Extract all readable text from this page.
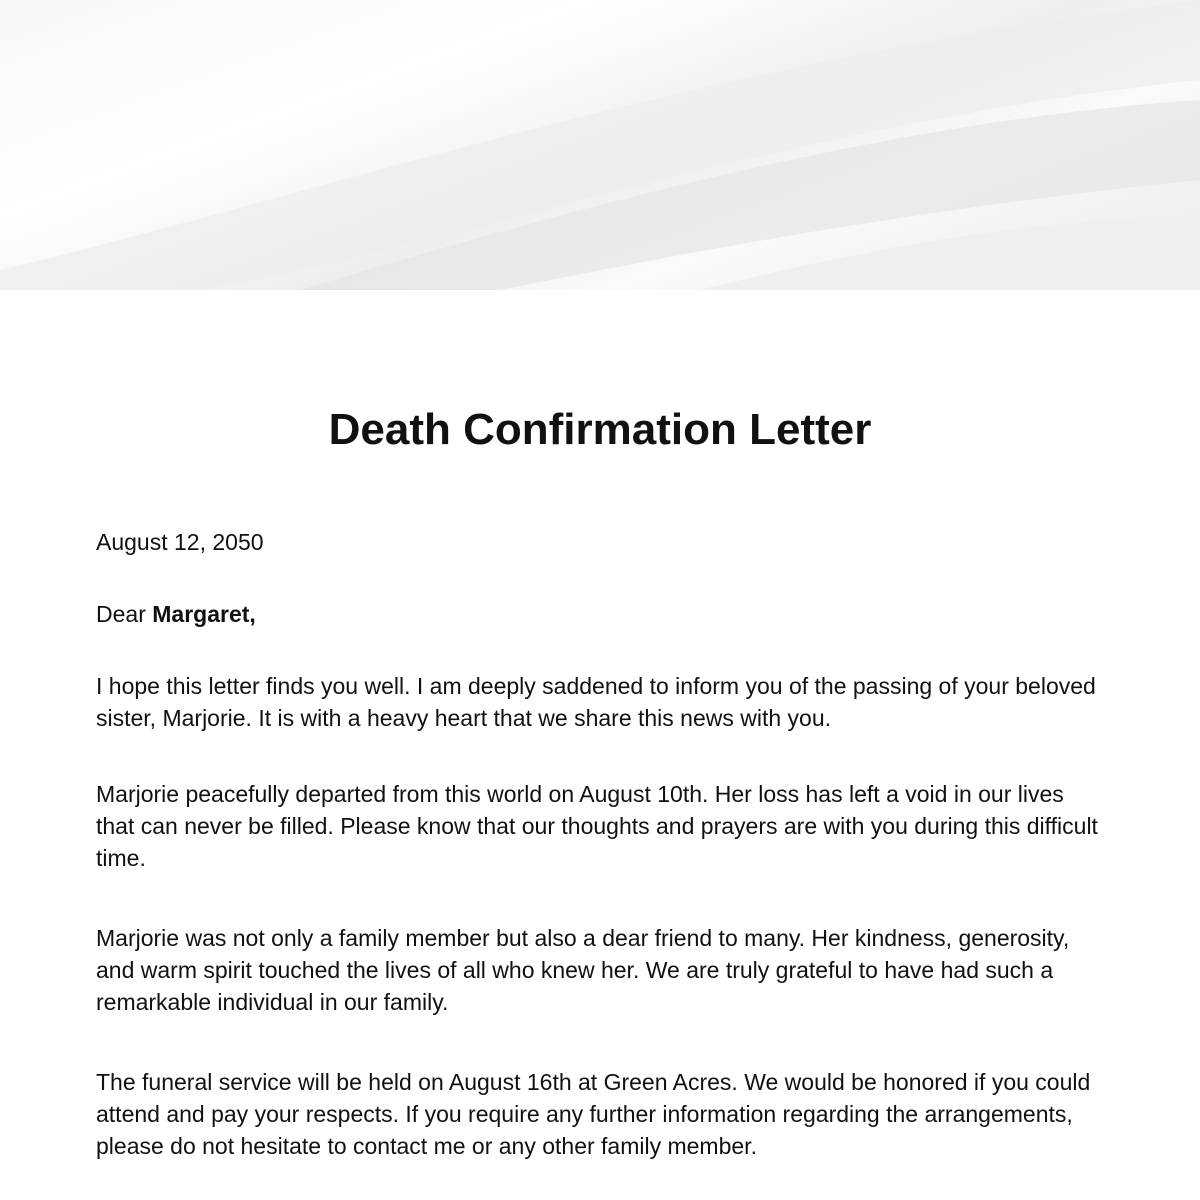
Death Confirmation Letter

August 12, 2050

Dear Margaret,

I hope this letter finds you well. I am deeply saddened to inform you of the passing of your beloved sister, Marjorie. It is with a heavy heart that we share this news with you.

Marjorie peacefully departed from this world on August 10th. Her loss has left a void in our lives that can never be filled. Please know that our thoughts and prayers are with you during this difficult time.

Marjorie was not only a family member but also a dear friend to many. Her kindness, generosity, and warm spirit touched the lives of all who knew her. We are truly grateful to have had such a remarkable individual in our family.

The funeral service will be held on August 16th at Green Acres. We would be honored if you could attend and pay your respects. If you require any further information regarding the arrangements, please do not hesitate to contact me or any other family member.
